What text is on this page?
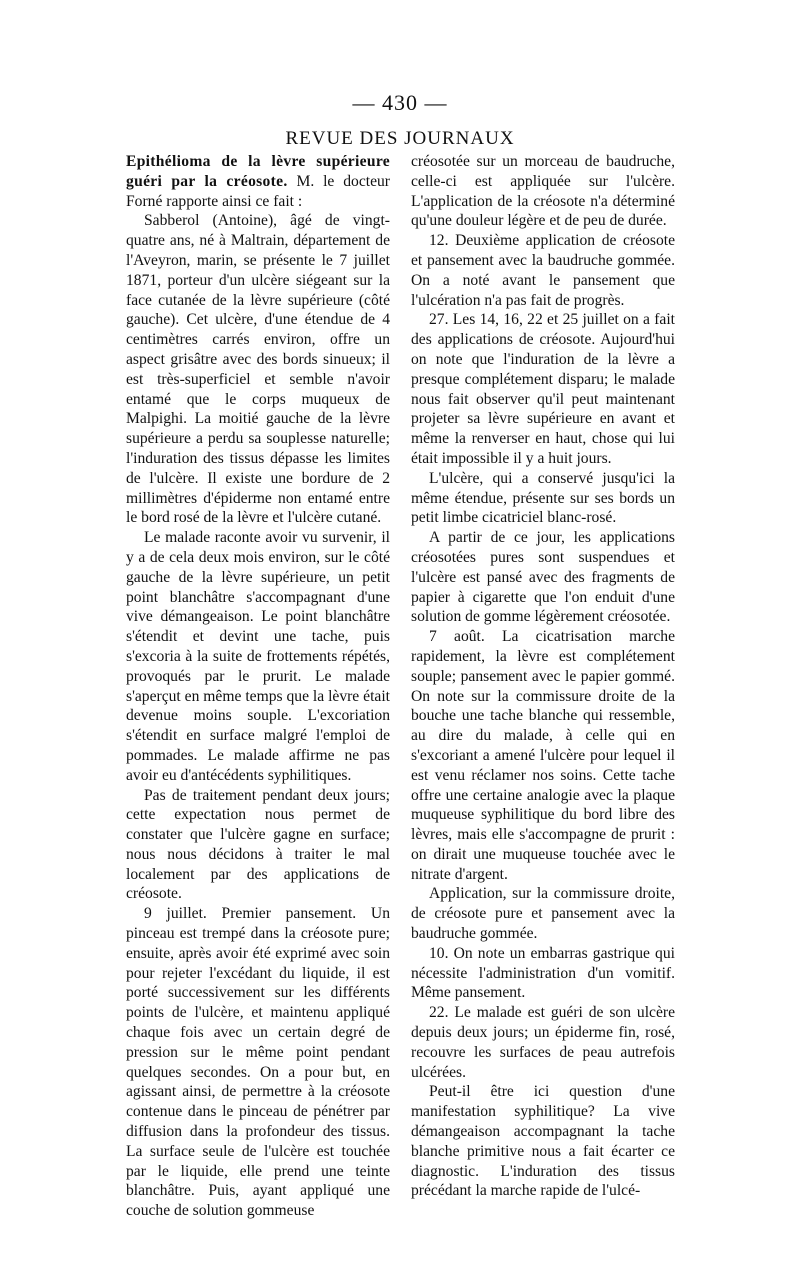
— 430 —
REVUE DES JOURNAUX

Epithélioma de la lèvre supérieure guéri par la créosote. M. le docteur Forné rapporte ainsi ce fait :

Sabberol (Antoine), âgé de vingt-quatre ans, né à Maltrain, département de l'Aveyron, marin, se présente le 7 juillet 1871, porteur d'un ulcère siégeant sur la face cutanée de la lèvre supérieure (côté gauche). Cet ulcère, d'une étendue de 4 centimètres carrés environ, offre un aspect grisâtre avec des bords sinueux; il est très-superficiel et semble n'avoir entamé que le corps muqueux de Malpighi. La moitié gauche de la lèvre supérieure a perdu sa souplesse naturelle; l'induration des tissus dépasse les limites de l'ulcère. Il existe une bordure de 2 millimètres d'épiderme non entamé entre le bord rosé de la lèvre et l'ulcère cutané.

Le malade raconte avoir vu survenir, il y a de cela deux mois environ, sur le côté gauche de la lèvre supérieure, un petit point blanchâtre s'accompagnant d'une vive démangeaison. Le point blanchâtre s'étendit et devint une tache, puis s'excoria à la suite de frottements répétés, provoqués par le prurit. Le malade s'aperçut en même temps que la lèvre était devenue moins souple. L'excoriation s'étendit en surface malgré l'emploi de pommades. Le malade affirme ne pas avoir eu d'antécédents syphilitiques.

Pas de traitement pendant deux jours; cette expectation nous permet de constater que l'ulcère gagne en surface; nous nous décidons à traiter le mal localement par des applications de créosote.

9 juillet. Premier pansement. Un pinceau est trempé dans la créosote pure; ensuite, après avoir été exprimé avec soin pour rejeter l'excédant du liquide, il est porté successivement sur les différents points de l'ulcère, et maintenu appliqué chaque fois avec un certain degré de pression sur le même point pendant quelques secondes. On a pour but, en agissant ainsi, de permettre à la créosote contenue dans le pinceau de pénétrer par diffusion dans la profondeur des tissus. La surface seule de l'ulcère est touchée par le liquide, elle prend une teinte blanchâtre. Puis, ayant appliqué une couche de solution gommeuse

créosotée sur un morceau de baudruche, celle-ci est appliquée sur l'ulcère. L'application de la créosote n'a déterminé qu'une douleur légère et de peu de durée.

12. Deuxième application de créosote et pansement avec la baudruche gommée. On a noté avant le pansement que l'ulcération n'a pas fait de progrès.

27. Les 14, 16, 22 et 25 juillet on a fait des applications de créosote. Aujourd'hui on note que l'induration de la lèvre a presque complétement disparu; le malade nous fait observer qu'il peut maintenant projeter sa lèvre supérieure en avant et même la renverser en haut, chose qui lui était impossible il y a huit jours.

L'ulcère, qui a conservé jusqu'ici la même étendue, présente sur ses bords un petit limbe cicatriciel blanc-rosé.

A partir de ce jour, les applications créosotées pures sont suspendues et l'ulcère est pansé avec des fragments de papier à cigarette que l'on enduit d'une solution de gomme légèrement créosotée.

7 août. La cicatrisation marche rapidement, la lèvre est complétement souple; pansement avec le papier gommé. On note sur la commissure droite de la bouche une tache blanche qui ressemble, au dire du malade, à celle qui en s'excoriant a amené l'ulcère pour lequel il est venu réclamer nos soins. Cette tache offre une certaine analogie avec la plaque muqueuse syphilitique du bord libre des lèvres, mais elle s'accompagne de prurit : on dirait une muqueuse touchée avec le nitrate d'argent.

Application, sur la commissure droite, de créosote pure et pansement avec la baudruche gommée.

10. On note un embarras gastrique qui nécessite l'administration d'un vomitif. Même pansement.

22. Le malade est guéri de son ulcère depuis deux jours; un épiderme fin, rosé, recouvre les surfaces de peau autrefois ulcérées.

Peut-il être ici question d'une manifestation syphilitique? La vive démangeaison accompagnant la tache blanche primitive nous a fait écarter ce diagnostic. L'induration des tissus précédant la marche rapide de l'ulcé-
